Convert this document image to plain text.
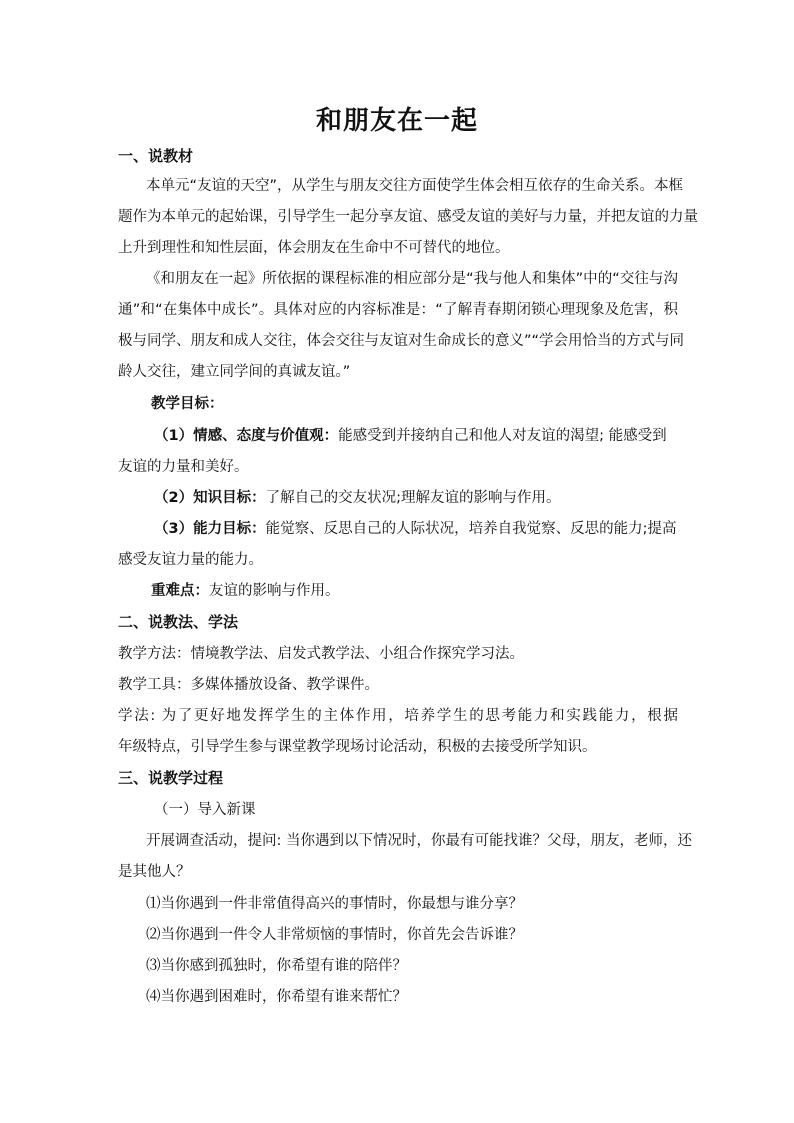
和朋友在一起
一、说教材
本单元“友谊的天空”，从学生与朋友交往方面使学生体会相互依存的生命关系。本框
题作为本单元的起始课，引导学生一起分享友谊、感受友谊的美好与力量，并把友谊的力量
上升到理性和知性层面，体会朋友在生命中不可替代的地位。
《和朋友在一起》所依据的课程标准的相应部分是“我与他人和集体”中的“交往与沟
通”和“在集体中成长”。具体对应的内容标准是：“了解青春期闭锁心理现象及危害，积
极与同学、朋友和成人交往，体会交往与友谊对生命成长的意义”“学会用恰当的方式与同
龄人交往，建立同学间的真诚友谊。”
教学目标：
（1）情感、态度与价值观：能感受到并接纳自己和他人对友谊的渴望; 能感受到
友谊的力量和美好。
（2）知识目标：了解自己的交友状况;理解友谊的影响与作用。
（3）能力目标：能觉察、反思自己的人际状况，培养自我觉察、反思的能力;提高
感受友谊力量的能力。
重难点：友谊的影响与作用。
二、说教法、学法
教学方法：情境教学法、启发式教学法、小组合作探究学习法。
教学工具：多媒体播放设备、教学课件。
学法: 为了更好地发挥学生的主体作用，培养学生的思考能力和实践能力，根据
年级特点，引导学生参与课堂教学现场讨论活动，积极的去接受所学知识。
三、说教学过程
（一）导入新课
开展调查活动，提问: 当你遇到以下情况时，你最有可能找谁？父母，朋友，老师，还
是其他人？
⑴当你遇到一件非常值得高兴的事情时，你最想与谁分享？
⑵当你遇到一件令人非常烦恼的事情时，你首先会告诉谁？
⑶当你感到孤独时，你希望有谁的陪伴？
⑷当你遇到困难时，你希望有谁来帮忙？
